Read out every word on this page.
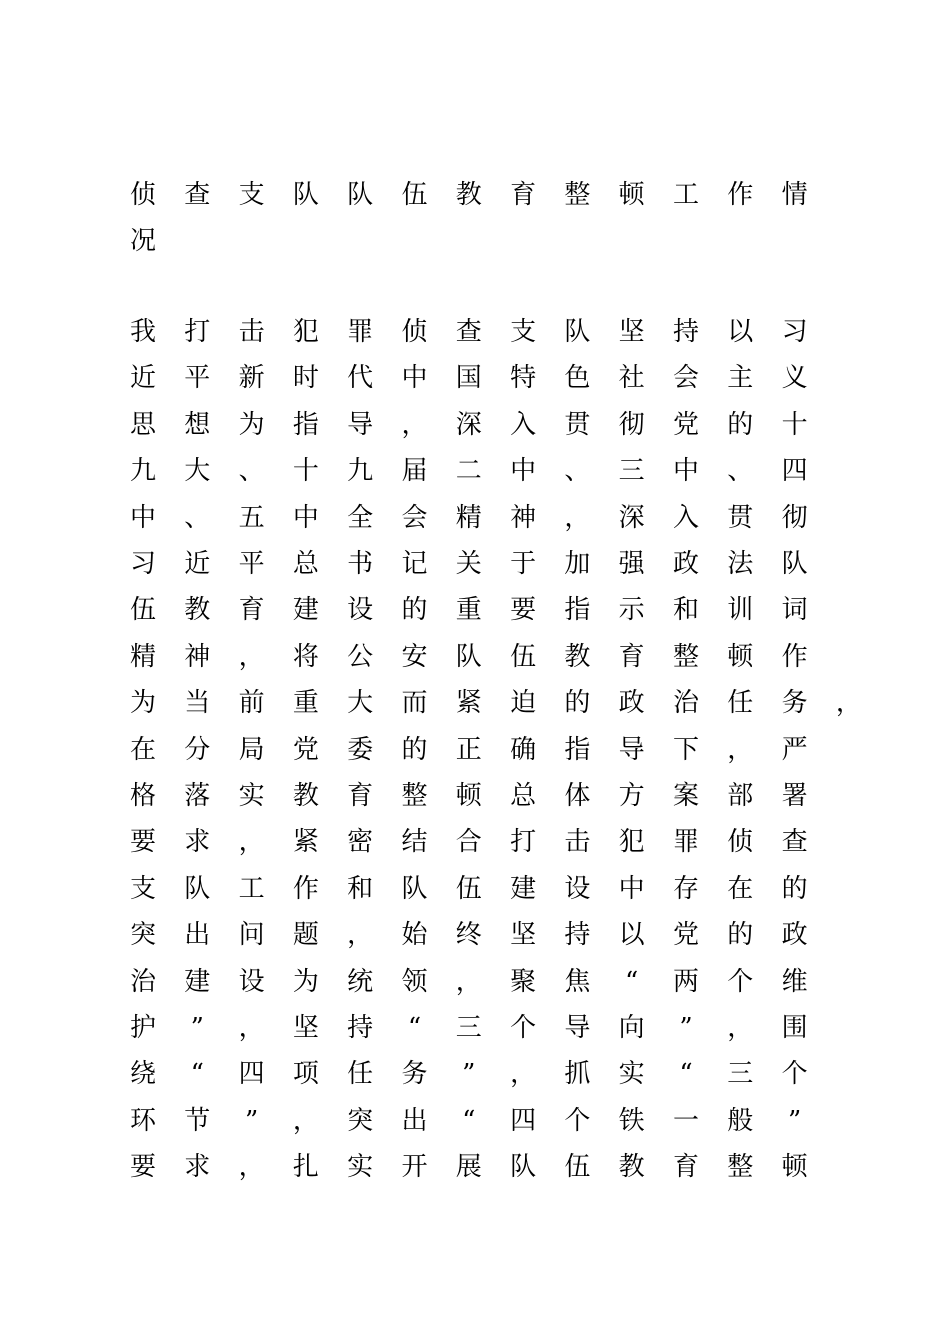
侦 查 支 队 队 伍 教 育 整 顿 工 作 情
况
我 打 击 犯 罪 侦 查 支 队 坚 持 以 习
近 平 新 时 代 中 国 特 色 社 会 主 义
思 想 为 指 导 ， 深 入 贯 彻 党 的 十
九 大 、 十 九 届 二 中 、 三 中 、 四
中 、 五 中 全 会 精 神 ， 深 入 贯 彻
习 近 平 总 书 记 关 于 加 强 政 法 队
伍 教 育 建 设 的 重 要 指 示 和 训 词
精 神 ， 将 公 安 队 伍 教 育 整 顿 作
为 当 前 重 大 而 紧 迫 的 政 治 任 务 ，
在 分 局 党 委 的 正 确 指 导 下 ， 严
格 落 实 教 育 整 顿 总 体 方 案 部 署
要 求 ， 紧 密 结 合 打 击 犯 罪 侦 查
支 队 工 作 和 队 伍 建 设 中 存 在 的
突 出 问 题 ， 始 终 坚 持 以 党 的 政
治 建 设 为 统 领 ， 聚 焦	“	两 个 维
护	”	， 坚 持	“	三 个 导 向	”	， 围
绕	“	四 项 任 务	”	， 抓 实	“	三 个
环 节	”	， 突 出	“	四 个 铁 一 般	”
要 求 ， 扎 实 开 展 队 伍 教 育 整 顿
